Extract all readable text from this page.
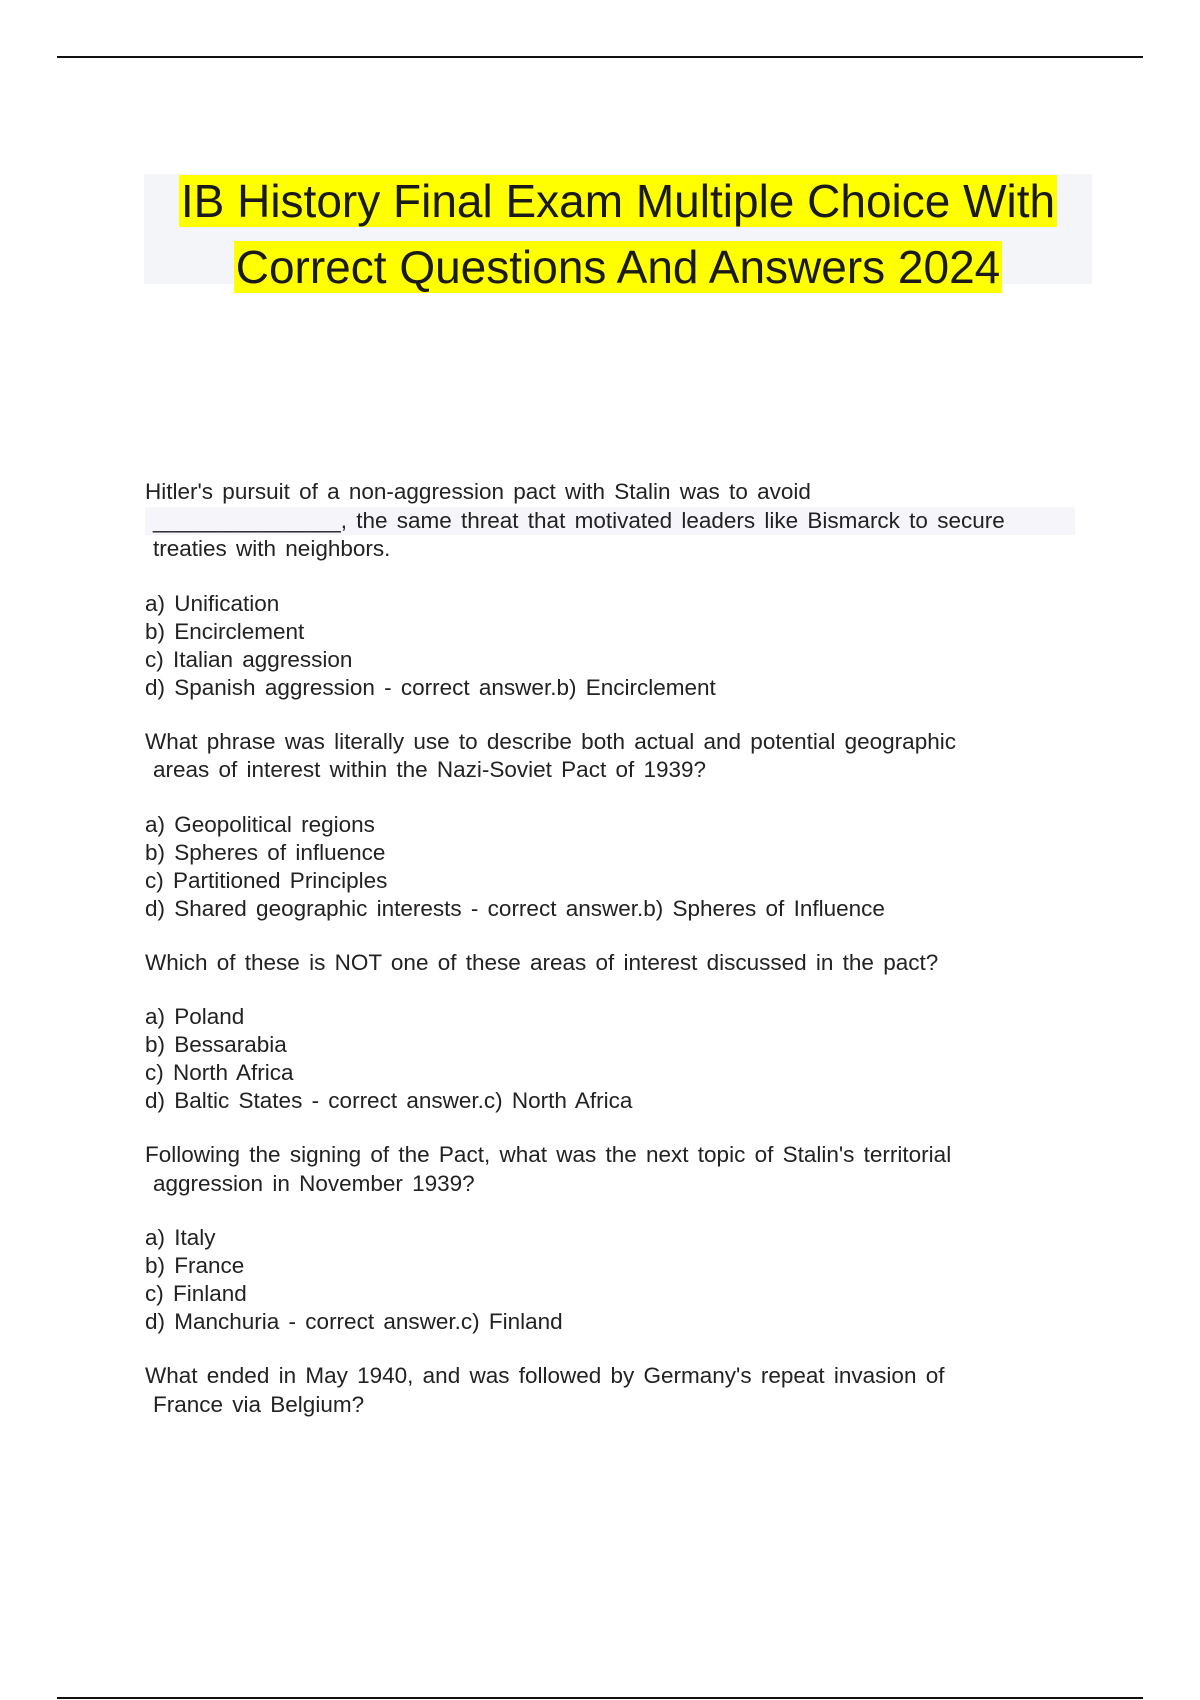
IB History Final Exam Multiple Choice With

Correct Questions And Answers 2024

Hitler's pursuit of a non-aggression pact with Stalin was to avoid
_______________, the same threat that motivated leaders like Bismarck to secure
treaties with neighbors.
a) Unification
b) Encirclement
c) Italian aggression
d) Spanish aggression - correct answer.b) Encirclement
What phrase was literally use to describe both actual and potential geographic
areas of interest within the Nazi-Soviet Pact of 1939?
a) Geopolitical regions
b) Spheres of influence
c) Partitioned Principles
d) Shared geographic interests - correct answer.b) Spheres of Influence
Which of these is NOT one of these areas of interest discussed in the pact?
a) Poland
b) Bessarabia
c) North Africa
d) Baltic States - correct answer.c) North Africa
Following the signing of the Pact, what was the next topic of Stalin's territorial
aggression in November 1939?
a) Italy
b) France
c) Finland
d) Manchuria - correct answer.c) Finland
What ended in May 1940, and was followed by Germany's repeat invasion of
France via Belgium?
